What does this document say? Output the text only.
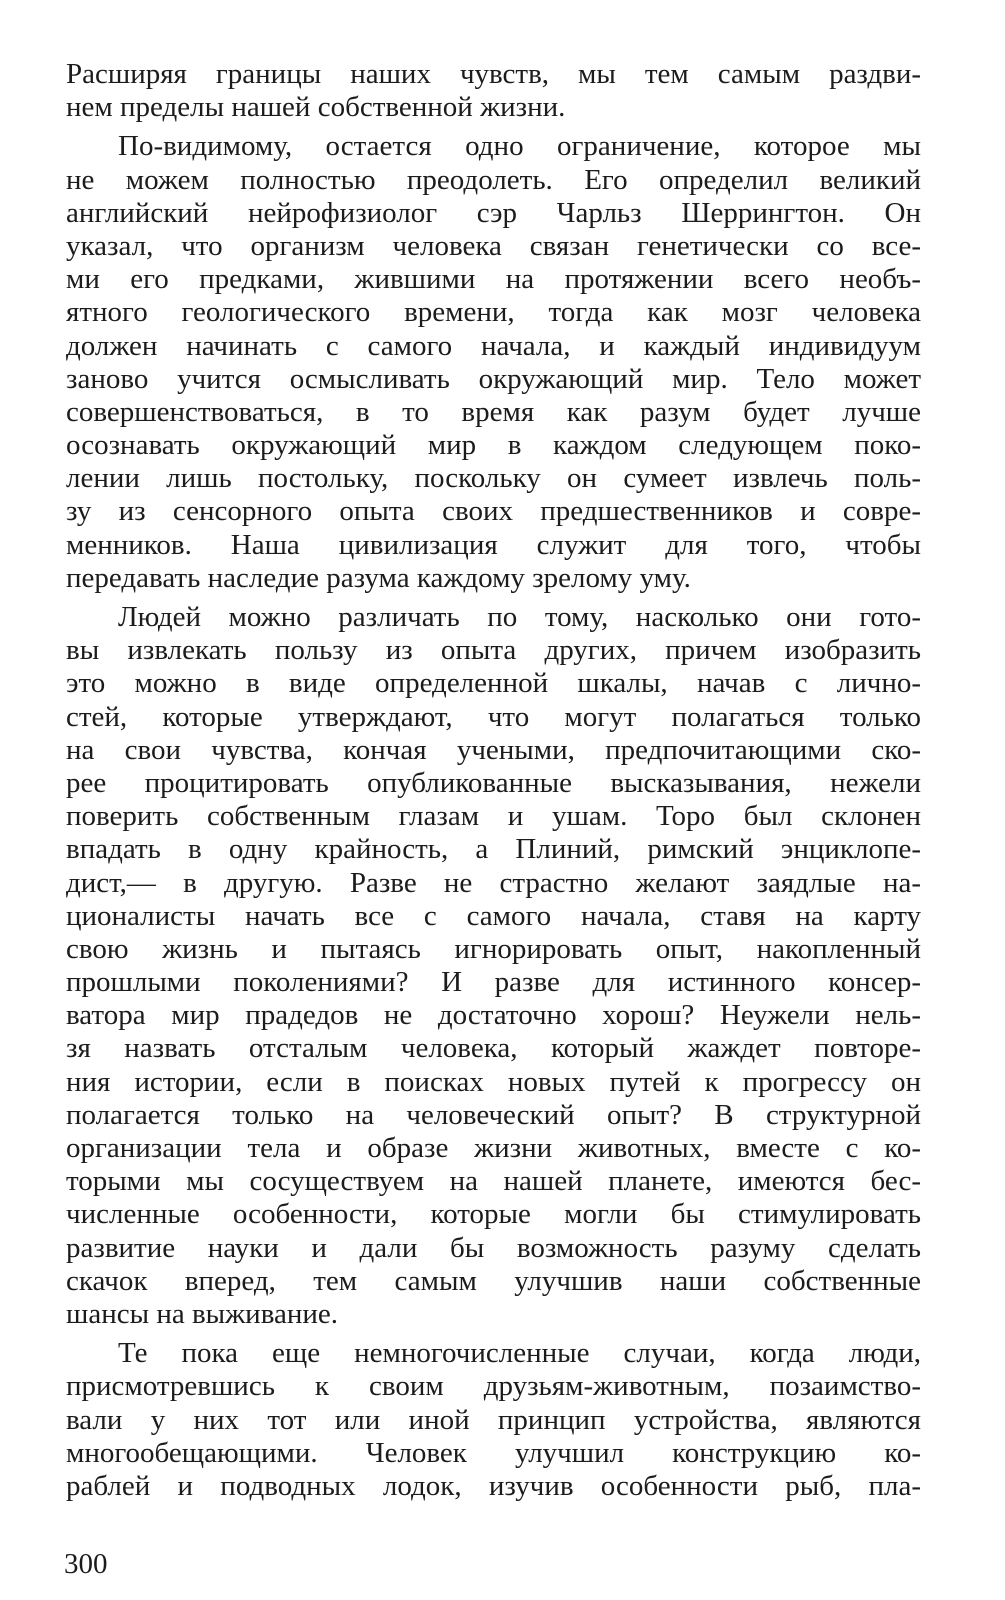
Расширяя границы наших чувств, мы тем самым раздви-
нем пределы нашей собственной жизни.
По-видимому, остается одно ограничение, которое мы
не можем полностью преодолеть. Его определил великий
английский нейрофизиолог сэр Чарльз Шеррингтон. Он
указал, что организм человека связан генетически со все-
ми его предками, жившими на протяжении всего необъ-
ятного геологического времени, тогда как мозг человека
должен начинать с самого начала, и каждый индивидуум
заново учится осмысливать окружающий мир. Тело может
совершенствоваться, в то время как разум будет лучше
осознавать окружающий мир в каждом следующем поко-
лении лишь постольку, поскольку он сумеет извлечь поль-
зу из сенсорного опыта своих предшественников и совре-
менников. Наша цивилизация служит для того, чтобы
передавать наследие разума каждому зрелому уму.
Людей можно различать по тому, насколько они гото-
вы извлекать пользу из опыта других, причем изобразить
это можно в виде определенной шкалы, начав с лично-
стей, которые утверждают, что могут полагаться только
на свои чувства, кончая учеными, предпочитающими ско-
рее процитировать опубликованные высказывания, нежели
поверить собственным глазам и ушам. Торо был склонен
впадать в одну крайность, а Плиний, римский энциклопе-
дист,— в другую. Разве не страстно желают заядлые на-
ционалисты начать все с самого начала, ставя на карту
свою жизнь и пытаясь игнорировать опыт, накопленный
прошлыми поколениями? И разве для истинного консер-
ватора мир прадедов не достаточно хорош? Неужели нель-
зя назвать отсталым человека, который жаждет повторе-
ния истории, если в поисках новых путей к прогрессу он
полагается только на человеческий опыт? В структурной
организации тела и образе жизни животных, вместе с ко-
торыми мы сосуществуем на нашей планете, имеются бес-
численные особенности, которые могли бы стимулировать
развитие науки и дали бы возможность разуму сделать
скачок вперед, тем самым улучшив наши собственные
шансы на выживание.
Те пока еще немногочисленные случаи, когда люди,
присмотревшись к своим друзьям-животным, позаимство-
вали у них тот или иной принцип устройства, являются
многообещающими. Человек улучшил конструкцию ко-
раблей и подводных лодок, изучив особенности рыб, пла-
300
